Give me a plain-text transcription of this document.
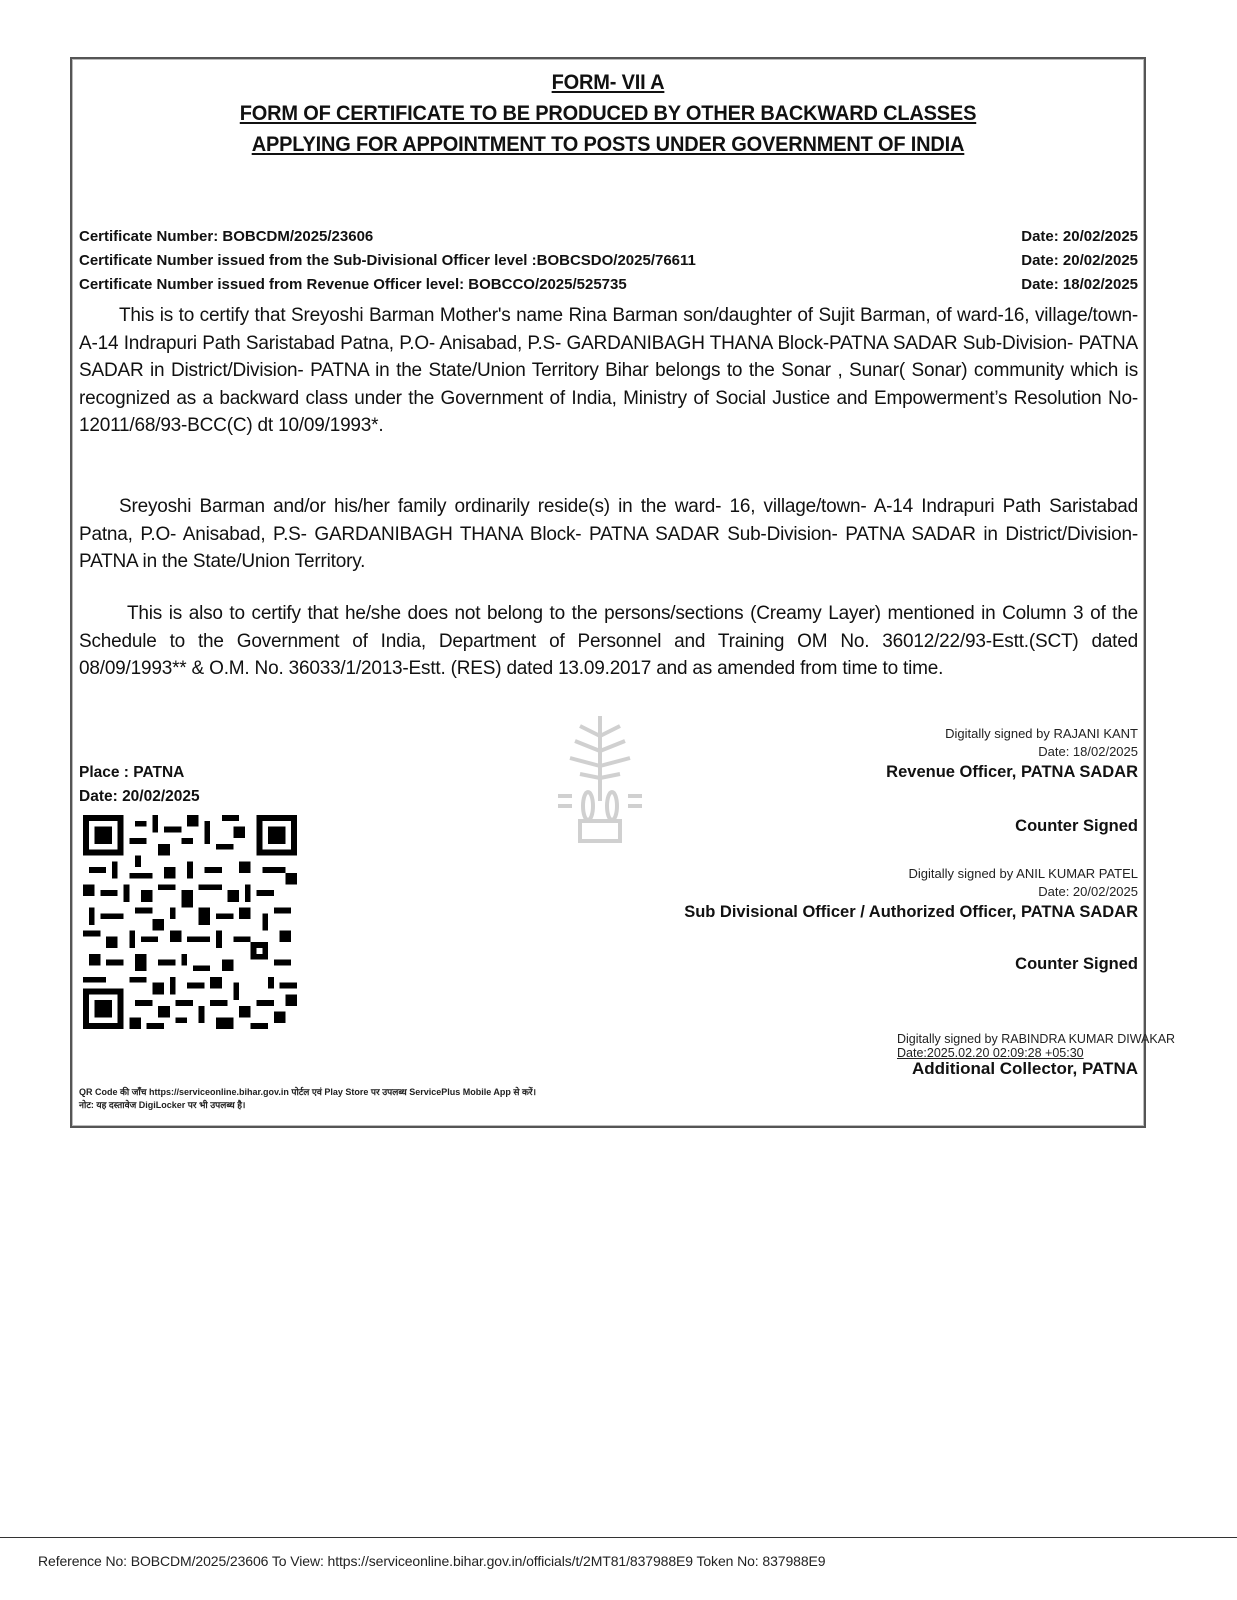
FORM- VII A
FORM OF CERTIFICATE TO BE PRODUCED BY OTHER BACKWARD CLASSES
APPLYING FOR APPOINTMENT TO POSTS UNDER GOVERNMENT OF INDIA
Certificate Number: BOBCDM/2025/23606	Date: 20/02/2025
Certificate Number issued from the Sub-Divisional Officer level :BOBCSDO/2025/76611	Date: 20/02/2025
Certificate Number issued from Revenue Officer level: BOBCCO/2025/525735	Date: 18/02/2025
This is to certify that Sreyoshi Barman Mother's name Rina Barman son/daughter of Sujit Barman, of ward-16, village/town- A-14 Indrapuri Path Saristabad Patna, P.O- Anisabad, P.S- GARDANIBAGH THANA Block-PATNA SADAR Sub-Division- PATNA SADAR in District/Division- PATNA in the State/Union Territory Bihar belongs to the Sonar , Sunar( Sonar) community which is recognized as a backward class under the Government of India, Ministry of Social Justice and Empowerment’s Resolution No- 12011/68/93-BCC(C) dt 10/09/1993*.
Sreyoshi Barman and/or his/her family ordinarily reside(s) in the ward- 16, village/town- A-14 Indrapuri Path Saristabad Patna, P.O- Anisabad, P.S- GARDANIBAGH THANA Block- PATNA SADAR Sub-Division- PATNA SADAR in District/Division- PATNA in the State/Union Territory.
This is also to certify that he/she does not belong to the persons/sections (Creamy Layer) mentioned in Column 3 of the Schedule to the Government of India, Department of Personnel and Training OM No. 36012/22/93-Estt.(SCT) dated 08/09/1993** & O.M. No. 36033/1/2013-Estt. (RES) dated 13.09.2017 and as amended from time to time.
Place : PATNA
Date: 20/02/2025
Digitally signed by RAJANI KANT
Date: 18/02/2025
Revenue Officer, PATNA SADAR
Counter Signed
Digitally signed by ANIL KUMAR PATEL
Date: 20/02/2025
Sub Divisional Officer / Authorized Officer, PATNA SADAR
Counter Signed
Digitally signed by RABINDRA KUMAR DIWAKAR
Date:2025.02.20 02:09:28 +05:30
Additional Collector, PATNA
QR Code की जाँच https://serviceonline.bihar.gov.in पोर्टल एवं Play Store पर उपलब्ध ServicePlus Mobile App से करें।
नोट: यह दस्तावेज DigiLocker पर भी उपलब्ध है।
Reference No: BOBCDM/2025/23606 To View: https://serviceonline.bihar.gov.in/officials/t/2MT81/837988E9 Token No: 837988E9
